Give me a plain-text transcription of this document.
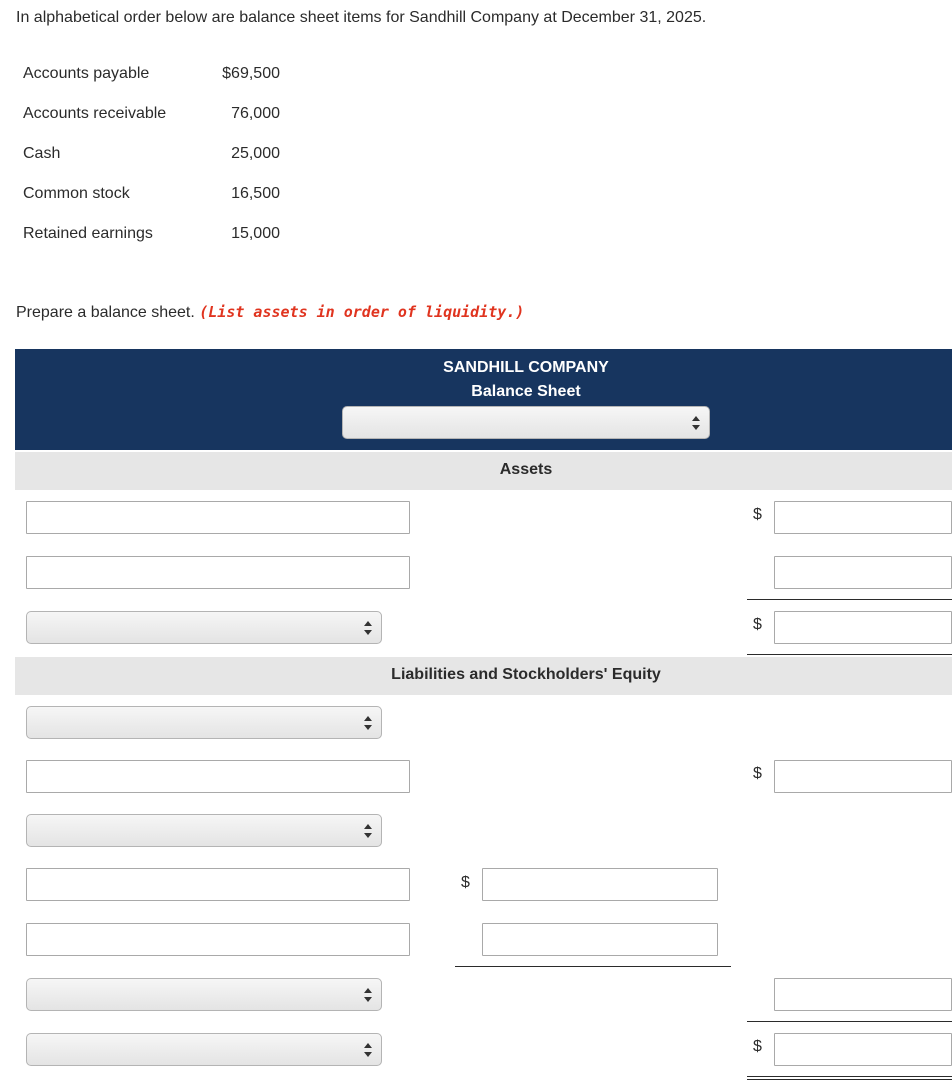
In alphabetical order below are balance sheet items for Sandhill Company at December 31, 2025.
Accounts payable	$69,500
Accounts receivable	76,000
Cash	25,000
Common stock	16,500
Retained earnings	15,000
Prepare a balance sheet. (List assets in order of liquidity.)
SANDHILL COMPANY
Balance Sheet
Assets
$
$
Liabilities and Stockholders' Equity
$
$
$
